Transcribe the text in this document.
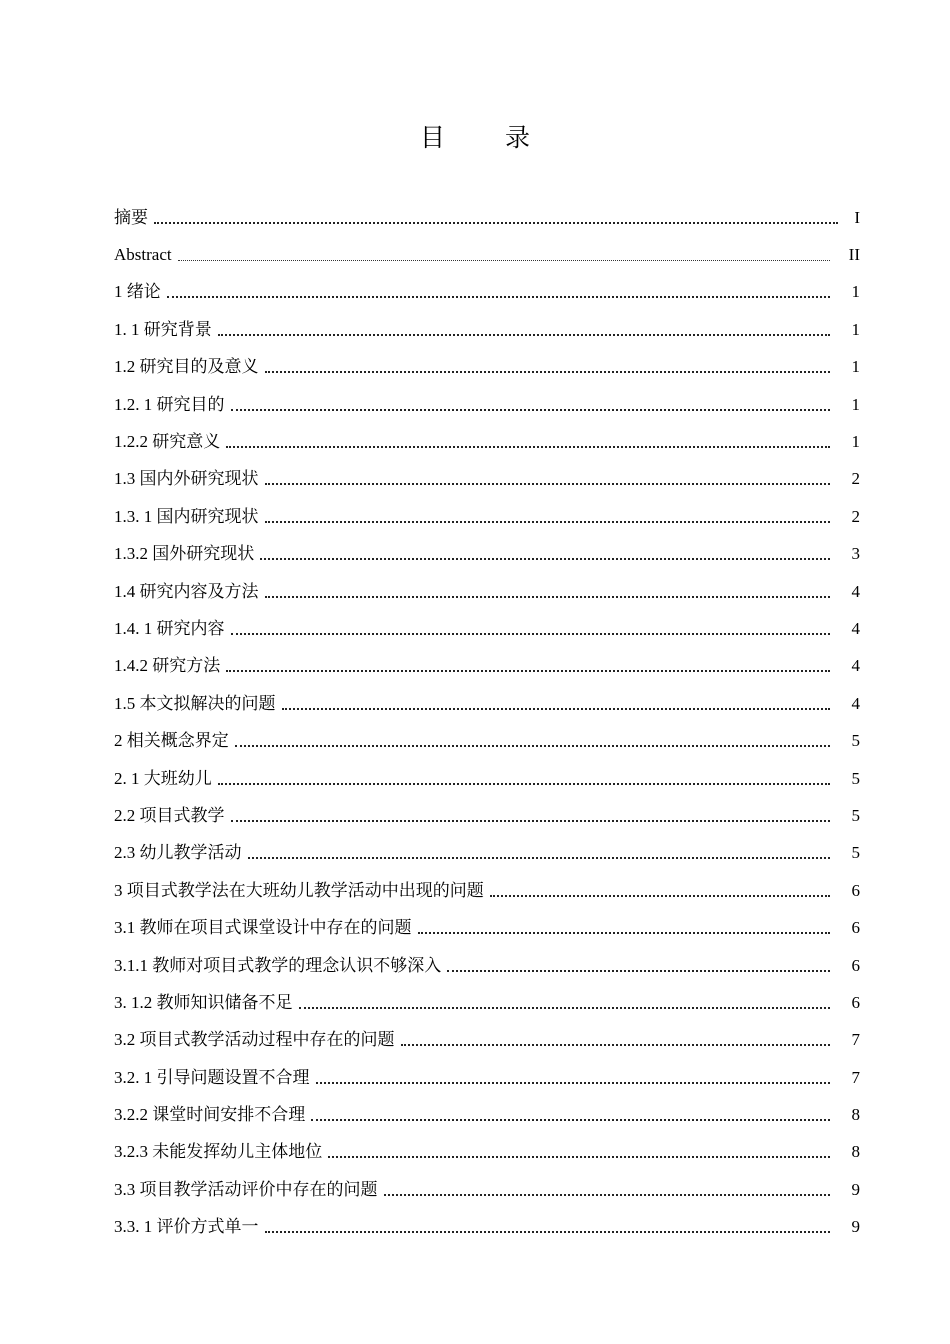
目 录
摘要	I
Abstract	II
1 绪论	1
1. 1 研究背景	1
1.2 研究目的及意义	1
1.2. 1 研究目的	1
1.2.2 研究意义	1
1.3 国内外研究现状	2
1.3. 1 国内研究现状	2
1.3.2 国外研究现状	3
1.4 研究内容及方法	4
1.4. 1 研究内容	4
1.4.2 研究方法	4
1.5 本文拟解决的问题	4
2 相关概念界定	5
2. 1 大班幼儿	5
2.2 项目式教学	5
2.3 幼儿教学活动	5
3 项目式教学法在大班幼儿教学活动中出现的问题	6
3.1 教师在项目式课堂设计中存在的问题	6
3.1.1 教师对项目式教学的理念认识不够深入	6
3. 1.2 教师知识储备不足	6
3.2 项目式教学活动过程中存在的问题	7
3.2. 1 引导问题设置不合理	7
3.2.2 课堂时间安排不合理	8
3.2.3 未能发挥幼儿主体地位	8
3.3 项目教学活动评价中存在的问题	9
3.3. 1 评价方式单一	9
